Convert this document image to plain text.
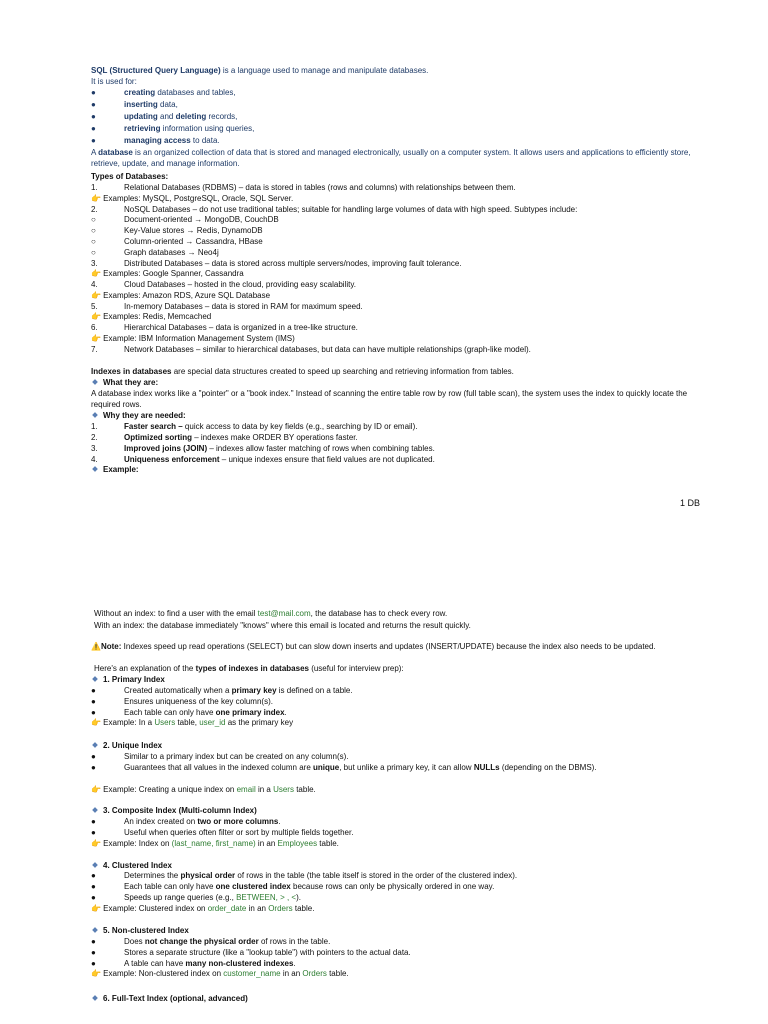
SQL (Structured Query Language) is a language used to manage and manipulate databases.
It is used for:
●	creating databases and tables,
●	inserting data,
●	updating and deleting records,
●	retrieving information using queries,
●	managing access to data.
A database is an organized collection of data that is stored and managed electronically, usually on a computer system. It allows users and applications to efficiently store, retrieve, update, and manage information.
Types of Databases:
1.	Relational Databases (RDBMS) – data is stored in tables (rows and columns) with relationships between them.
👉 Examples: MySQL, PostgreSQL, Oracle, SQL Server.
2.	NoSQL Databases – do not use traditional tables; suitable for handling large volumes of data with high speed. Subtypes include:
○	Document-oriented → MongoDB, CouchDB
○	Key-Value stores → Redis, DynamoDB
○	Column-oriented → Cassandra, HBase
○	Graph databases → Neo4j
3.	Distributed Databases – data is stored across multiple servers/nodes, improving fault tolerance.
👉 Examples: Google Spanner, Cassandra
4.	Cloud Databases – hosted in the cloud, providing easy scalability.
👉 Examples: Amazon RDS, Azure SQL Database
5.	In-memory Databases – data is stored in RAM for maximum speed.
👉 Examples: Redis, Memcached
6.	Hierarchical Databases – data is organized in a tree-like structure.
👉 Example: IBM Information Management System (IMS)
7.	Network Databases – similar to hierarchical databases, but data can have multiple relationships (graph-like model).
Indexes in databases are special data structures created to speed up searching and retrieving information from tables.
What they are:
A database index works like a "pointer" or a "book index." Instead of scanning the entire table row by row (full table scan), the system uses the index to quickly locate the required rows.
Why they are needed:
1.	Faster search – quick access to data by key fields (e.g., searching by ID or email).
2.	Optimized sorting – indexes make ORDER BY operations faster.
3.	Improved joins (JOIN) – indexes allow faster matching of rows when combining tables.
4.	Uniqueness enforcement – unique indexes ensure that field values are not duplicated.
Example:
1 DB
Without an index: to find a user with the email test@mail.com, the database has to check every row.
With an index: the database immediately "knows" where this email is located and returns the result quickly.
⚠️Note: Indexes speed up read operations (SELECT) but can slow down inserts and updates (INSERT/UPDATE) because the index also needs to be updated.
Here's an explanation of the types of indexes in databases (useful for interview prep):
1. Primary Index
●	Created automatically when a primary key is defined on a table.
●	Ensures uniqueness of the key column(s).
●	Each table can only have one primary index.
👉 Example: In a Users table, user_id as the primary key
2. Unique Index
●	Similar to a primary index but can be created on any column(s).
●	Guarantees that all values in the indexed column are unique, but unlike a primary key, it can allow NULLs (depending on the DBMS).
👉 Example: Creating a unique index on email in a Users table.
3. Composite Index (Multi-column Index)
●	An index created on two or more columns.
●	Useful when queries often filter or sort by multiple fields together.
👉 Example: Index on (last_name, first_name) in an Employees table.
4. Clustered Index
●	Determines the physical order of rows in the table (the table itself is stored in the order of the clustered index).
●	Each table can only have one clustered index because rows can only be physically ordered in one way.
●	Speeds up range queries (e.g., BETWEEN, > , <).
👉 Example: Clustered index on order_date in an Orders table.
5. Non-clustered Index
●	Does not change the physical order of rows in the table.
●	Stores a separate structure (like a "lookup table") with pointers to the actual data.
●	A table can have many non-clustered indexes.
👉 Example: Non-clustered index on customer_name in an Orders table.
6. Full-Text Index (optional, advanced)
